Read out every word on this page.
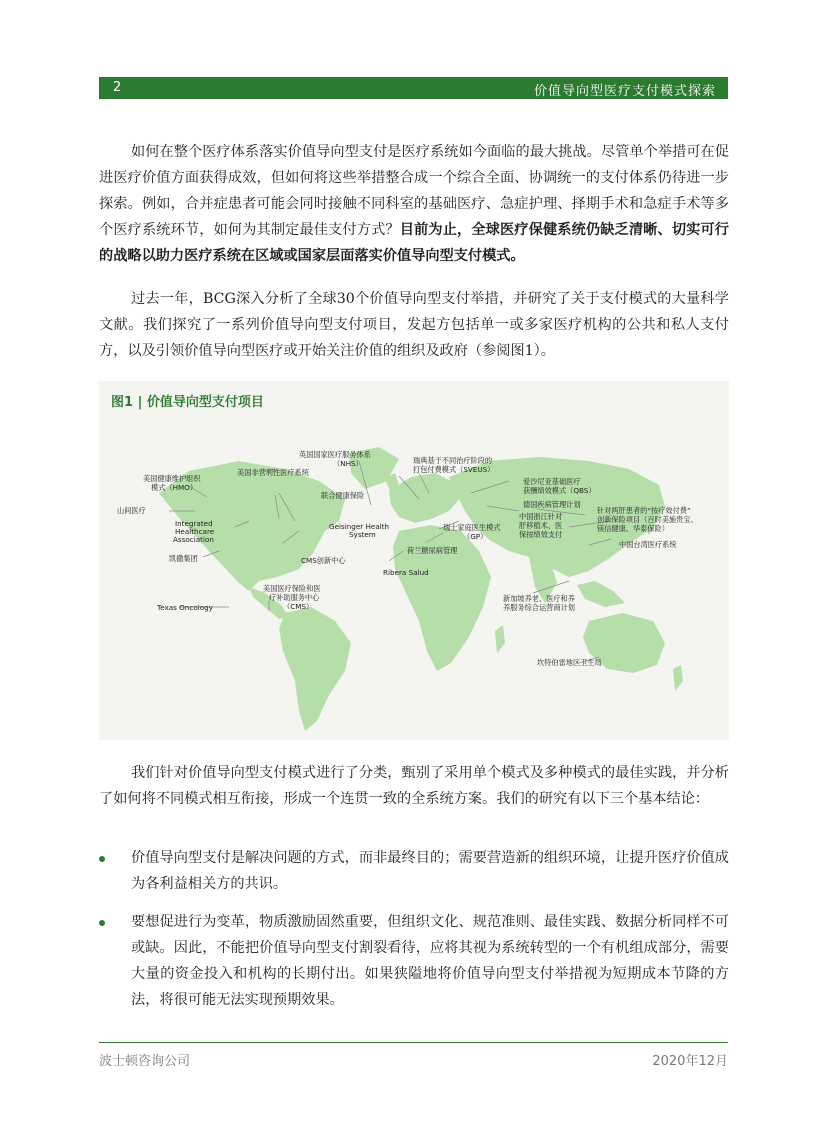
2	价值导向型医疗支付模式探索

如何在整个医疗体系落实价值导向型支付是医疗系统如今面临的最大挑战。尽管单个举措可在促进医疗价值方面获得成效，但如何将这些举措整合成一个综合全面、协调统一的支付体系仍待进一步探索。例如，合并症患者可能会同时接触不同科室的基础医疗、急症护理、择期手术和急症手术等多个医疗系统环节，如何为其制定最佳支付方式？目前为止，全球医疗保健系统仍缺乏清晰、切实可行的战略以助力医疗系统在区域或国家层面落实价值导向型支付模式。

过去一年，BCG深入分析了全球30个价值导向型支付举措，并研究了关于支付模式的大量科学文献。我们探究了一系列价值导向型支付项目，发起方包括单一或多家医疗机构的公共和私人支付方，以及引领价值导向型医疗或开始关注价值的组织及政府（参阅图1）。

图1 | 价值导向型支付项目
英国国家医疗服务体系
（NHS）	瑞典基于不同治疗阶段的
打包付费模式（SVEUS）
美国健康维护组织
模式（HMO）
美国非营利性医疗系统
联合健康保险
爱沙尼亚基础医疗
获酬绩效模式（QBS）
德国疾病管理计划
针对两肝患者的“按疗效付费”
创新保险项目（百时美施贵宝、
镁信健康、华泰保险）
中国浙江针对
肝移植术、医
保按绩效支付
瑞士家庭医生模式
（GP）
中国台湾医疗系统
山间医疗
Integrated
Healthcare
Association
Geisinger Health
System
凯撒集团	CMS创新中心
荷兰糖尿病管理
Ribera Salud
美国医疗保险和医
疗补助服务中心
（CMS）
Texas Oncology
新加坡养老、医疗和养
养服务综合运营商计划
坎特伯雷地区卫生局

我们针对价值导向型支付模式进行了分类，甄别了采用单个模式及多种模式的最佳实践，并分析了如何将不同模式相互衔接，形成一个连贯一致的全系统方案。我们的研究有以下三个基本结论：

价值导向型支付是解决问题的方式，而非最终目的；需要营造新的组织环境，让提升医疗价值成为各利益相关方的共识。
要想促进行为变革，物质激励固然重要，但组织文化、规范准则、最佳实践、数据分析同样不可或缺。因此，不能把价值导向型支付割裂看待，应将其视为系统转型的一个有机组成部分，需要大量的资金投入和机构的长期付出。如果狭隘地将价值导向型支付举措视为短期成本节降的方法，将很可能无法实现预期效果。
波士顿咨询公司	2020年12月
